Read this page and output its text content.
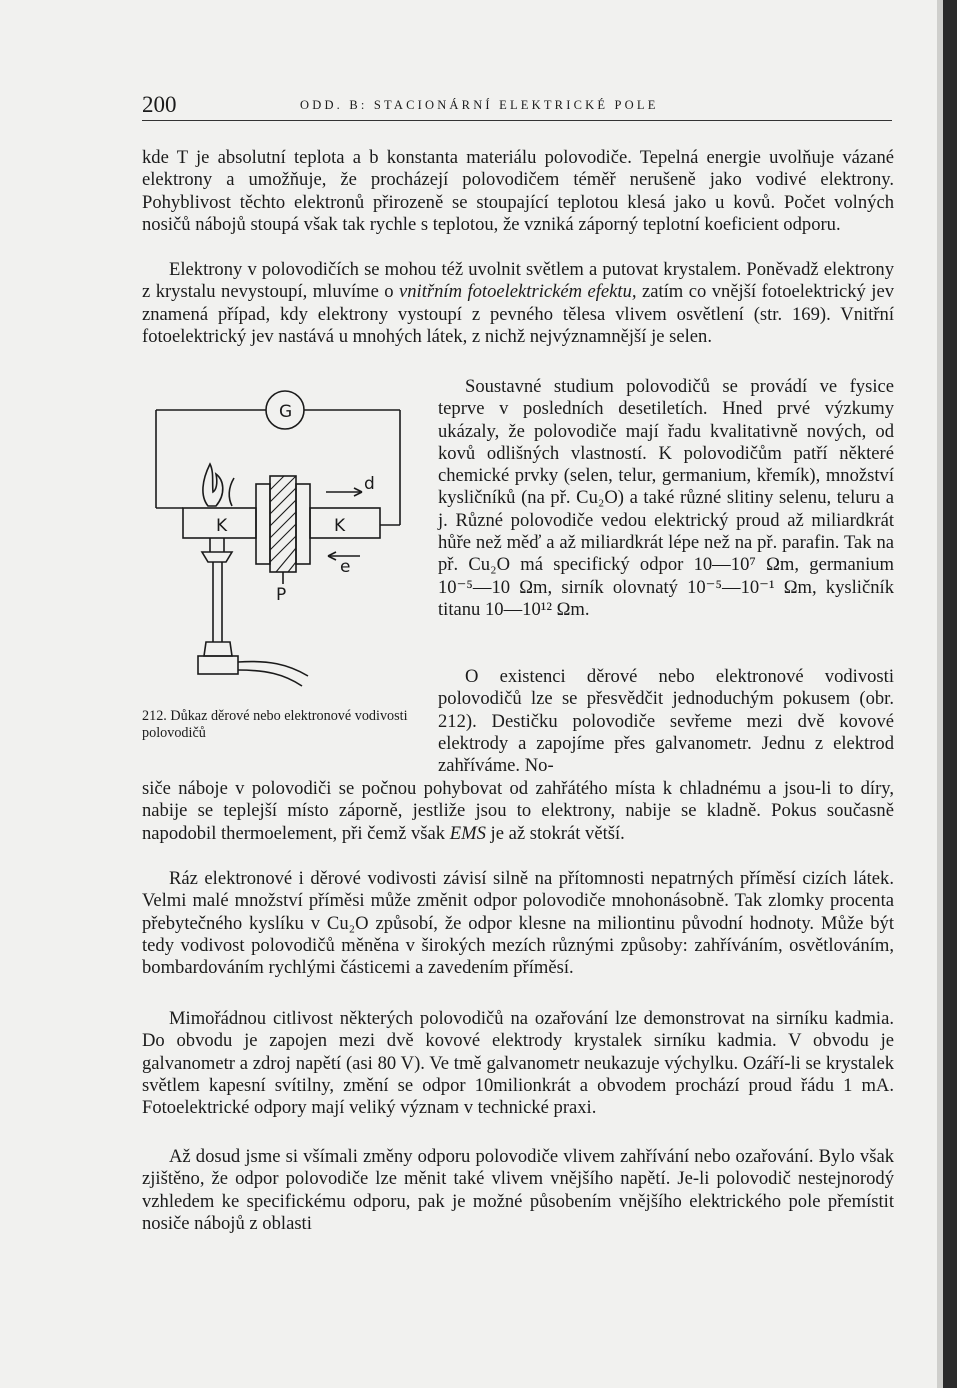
200	ODD. B: STACIONÁRNÍ ELEKTRICKÉ POLE

kde T je absolutní teplota a b konstanta materiálu polovodiče. Tepelná energie uvolňuje vázané elektrony a umožňuje, že procházejí polovodičem téměř nerušeně jako vodivé elektrony. Pohyblivost těchto elektronů přirozeně se stoupající teplotou klesá jako u kovů. Počet volných nosičů nábojů stoupá však tak rychle s teplotou, že vzniká záporný teplotní koeficient odporu.

Elektrony v polovodičích se mohou též uvolnit světlem a putovat krystalem. Poněvadž elektrony z krystalu nevystoupí, mluvíme o vnitřním fotoelektrickém efektu, zatím co vnější fotoelektrický jev znamená případ, kdy elektrony vystoupí z pevného tělesa vlivem osvětlení (str. 169). Vnitřní fotoelektrický jev nastává u mnohých látek, z nichž nejvýznamnější je selen.

Soustavné studium polovodičů se provádí ve fysice teprve v posledních desetiletích. Hned prvé výzkumy ukázaly, že polovodiče mají řadu kvalitativně nových, od kovů odlišných vlastností. K polovodičům patří některé chemické prvky (selen, telur, germanium, křemík), množství kysličníků (na př. Cu₂O) a také různé slitiny selenu, teluru a j. Různé polovodiče vedou elektrický proud až miliardkrát hůře než měď a až miliardkrát lépe než na př. parafin. Tak na př. Cu₂O má specifický odpor 10—10⁷ Ωm, germanium 10⁻⁵—10 Ωm, sirník olovnatý 10⁻⁵—10⁻¹ Ωm, kysličník titanu 10—10¹² Ωm.

O existenci děrové nebo elektronové vodivosti polovodičů lze se přesvědčit jednoduchým pokusem (obr. 212). Destičku polovodiče sevřeme mezi dvě kovové elektrody a zapojíme přes galvanometr. Jednu z elektrod zahříváme. No-

siče náboje v polovodiči se počnou pohybovat od zahřátého místa k chladnému a jsou-li to díry, nabije se teplejší místo záporně, jestliže jsou to elektrony, nabije se kladně. Pokus současně napodobil thermoelement, při čemž však EMS je až stokrát větší.

Ráz elektronové i děrové vodivosti závisí silně na přítomnosti nepatrných příměsí cizích látek. Velmi malé množství příměsi může změnit odpor polovodiče mnohonásobně. Tak zlomky procenta přebytečného kyslíku v Cu₂O způsobí, že odpor klesne na miliontinu původní hodnoty. Může být tedy vodivost polovodičů měněna v širokých mezích různými způsoby: zahříváním, osvětlováním, bombardováním rychlými částicemi a zavedením příměsí.

Mimořádnou citlivost některých polovodičů na ozařování lze demonstrovat na sirníku kadmia. Do obvodu je zapojen mezi dvě kovové elektrody krystalek sirníku kadmia. V obvodu je galvanometr a zdroj napětí (asi 80 V). Ve tmě galvanometr neukazuje výchylku. Ozáří-li se krystalek světlem kapesní svítilny, změní se odpor 10milionkrát a obvodem prochází proud řádu 1 mA. Fotoelektrické odpory mají veliký význam v technické praxi.

Až dosud jsme si všímali změny odporu polovodiče vlivem zahřívání nebo ozařování. Bylo však zjištěno, že odpor polovodiče lze měnit také vlivem vnějšího napětí. Je-li polovodič nestejnorodý vzhledem ke specifickému odporu, pak je možné působením vnějšího elektrického pole přemístit nosiče nábojů z oblasti

G
K	K
d
e
P
212. Důkaz děrové nebo elektronové vodivosti polovodičů
